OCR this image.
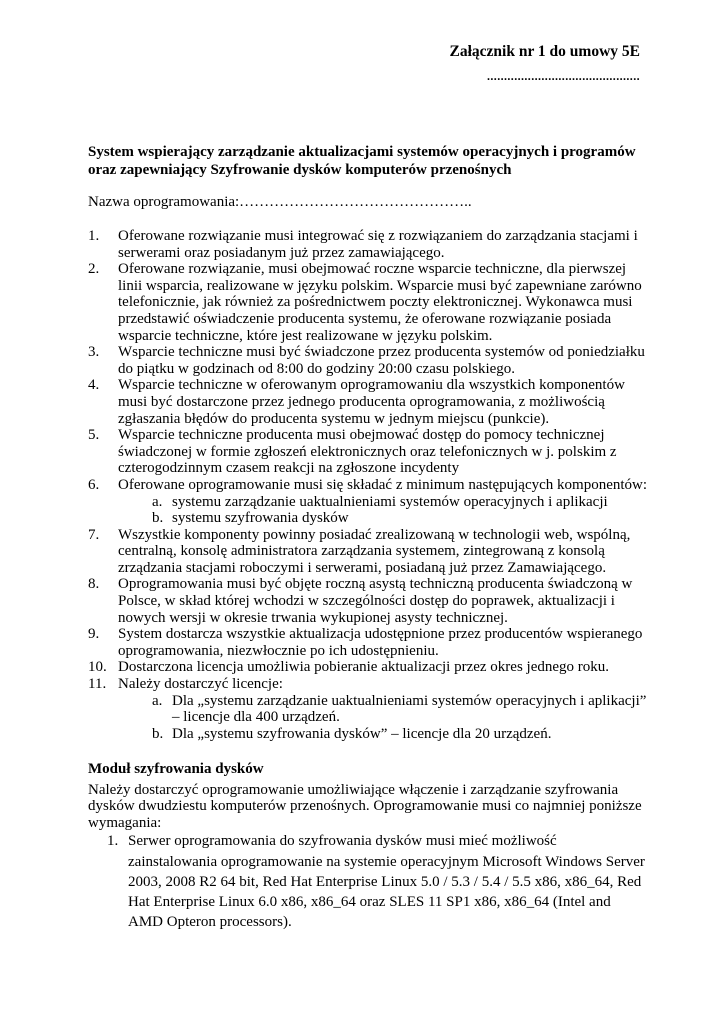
Załącznik nr 1 do umowy 5E
.............................................
System wspierający zarządzanie aktualizacjami systemów operacyjnych i programów
oraz zapewniający Szyfrowanie dysków komputerów przenośnych
Nazwa oprogramowania:………………………………………..
1.	Oferowane rozwiązanie musi integrować się z rozwiązaniem do zarządzania stacjami i serwerami oraz posiadanym już przez zamawiającego.
2.	Oferowane rozwiązanie, musi obejmować roczne wsparcie techniczne, dla pierwszej linii wsparcia, realizowane w języku polskim. Wsparcie musi być zapewniane zarówno telefonicznie, jak również za pośrednictwem poczty elektronicznej. Wykonawca musi przedstawić oświadczenie producenta systemu, że oferowane rozwiązanie posiada wsparcie techniczne, które jest realizowane w języku polskim.
3.	Wsparcie techniczne musi być świadczone przez producenta systemów od poniedziałku do piątku w godzinach od 8:00 do godziny 20:00 czasu polskiego.
4.	Wsparcie techniczne w oferowanym oprogramowaniu dla wszystkich komponentów musi być dostarczone przez jednego producenta oprogramowania, z możliwością zgłaszania błędów do producenta systemu w jednym miejscu (punkcie).
5.	Wsparcie techniczne producenta musi obejmować dostęp do pomocy technicznej świadczonej w formie zgłoszeń elektronicznych oraz telefonicznych w j. polskim z czterogodzinnym czasem reakcji na zgłoszone incydenty
6.	Oferowane oprogramowanie musi się składać z minimum następujących komponentów:
a. systemu zarządzanie uaktualnieniami systemów operacyjnych i aplikacji
b. systemu szyfrowania dysków
7.	Wszystkie komponenty powinny posiadać zrealizowaną w technologii web, wspólną, centralną, konsolę administratora zarządzania systemem, zintegrowaną z konsolą zrządzania stacjami roboczymi i serwerami, posiadaną już przez Zamawiającego.
8.	Oprogramowania musi być objęte roczną asystą techniczną producenta świadczoną w Polsce, w skład której wchodzi w szczególności dostęp do poprawek, aktualizacji i nowych wersji w okresie trwania wykupionej asysty technicznej.
9.	System dostarcza wszystkie aktualizacja udostępnione przez producentów wspieranego oprogramowania, niezwłocznie po ich udostępnieniu.
10. Dostarczona licencja umożliwia pobieranie aktualizacji przez okres jednego roku.
11. Należy dostarczyć licencje:
a. Dla „systemu zarządzanie uaktualnieniami systemów operacyjnych i aplikacji” – licencje dla 400 urządzeń.
b. Dla „systemu szyfrowania dysków” – licencje dla 20 urządzeń.
Moduł szyfrowania dysków
Należy dostarczyć oprogramowanie umożliwiające włączenie i zarządzanie szyfrowania dysków dwudziestu komputerów przenośnych. Oprogramowanie musi co najmniej poniższe wymagania:
1. Serwer oprogramowania do szyfrowania dysków musi mieć możliwość zainstalowania oprogramowanie na systemie operacyjnym Microsoft Windows Server 2003, 2008 R2 64 bit, Red Hat Enterprise Linux 5.0 / 5.3 / 5.4 / 5.5 x86, x86_64, Red Hat Enterprise Linux 6.0 x86, x86_64 oraz SLES 11 SP1 x86, x86_64 (Intel and AMD Opteron processors).
